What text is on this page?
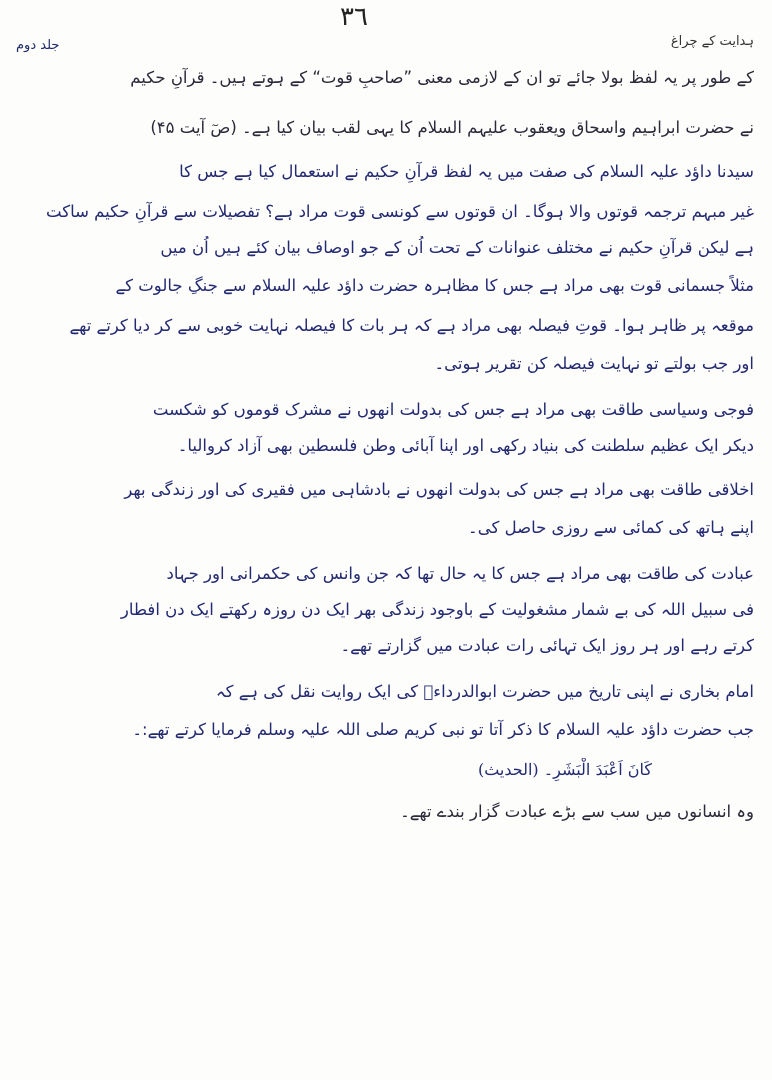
جلد دوم
٣٦
ہدایت کے چراغ
کے طور پر یہ لفظ بولا جائے تو ان کے لازمی معنی ”صاحبِ قوت“ کے ہوتے ہیں۔ قرآنِ حکیم
نے حضرت ابراہیم واسحاق ویعقوب علیہم السلام کا یہی لقب بیان کیا ہے۔ (صٓ آیت ۴۵)
سیدنا داؤد علیہ السلام کی صفت میں یہ لفظ قرآنِ حکیم نے استعمال کیا ہے جس کا
غیر مبہم ترجمہ قوتوں والا ہوگا۔ ان قوتوں سے کونسی قوت مراد ہے؟ تفصیلات سے قرآنِ حکیم ساکت
ہے لیکن قرآنِ حکیم نے مختلف عنوانات کے تحت اُن کے جو اوصاف بیان کئے ہیں اُن میں
مثلاً جسمانی قوت بھی مراد ہے جس کا مظاہرہ حضرت داؤد علیہ السلام سے جنگِ جالوت کے
موقعہ پر ظاہر ہوا۔ قوتِ فیصلہ بھی مراد ہے کہ ہر بات کا فیصلہ نہایت خوبی سے کر دیا کرتے تھے
اور جب بولتے تو نہایت فیصلہ کن تقریر ہوتی۔
فوجی وسیاسی طاقت بھی مراد ہے جس کی بدولت انھوں نے مشرک قوموں کو شکست
دیکر ایک عظیم سلطنت کی بنیاد رکھی اور اپنا آبائی وطن فلسطین بھی آزاد کروالیا۔
اخلاقی طاقت بھی مراد ہے جس کی بدولت انھوں نے بادشاہی میں فقیری کی اور زندگی بھر
اپنے ہاتھ کی کمائی سے روزی حاصل کی۔
عبادت کی طاقت بھی مراد ہے جس کا یہ حال تھا کہ جن وانس کی حکمرانی اور جہاد
فی سبیل اللہ کی بے شمار مشغولیت کے باوجود زندگی بھر ایک دن روزہ رکھتے ایک دن افطار
کرتے رہے اور ہر روز ایک تہائی رات عبادت میں گزارتے تھے۔
امام بخاری نے اپنی تاریخ میں حضرت ابوالدرداءؓ کی ایک روایت نقل کی ہے کہ
جب حضرت داؤد علیہ السلام کا ذکر آتا تو نبی کریم صلی اللہ علیہ وسلم فرمایا کرتے تھے:۔
کَانَ اَعْبَدَ الْبَشَرِ۔ (الحدیث)
وہ انسانوں میں سب سے بڑے عبادت گزار بندے تھے۔
